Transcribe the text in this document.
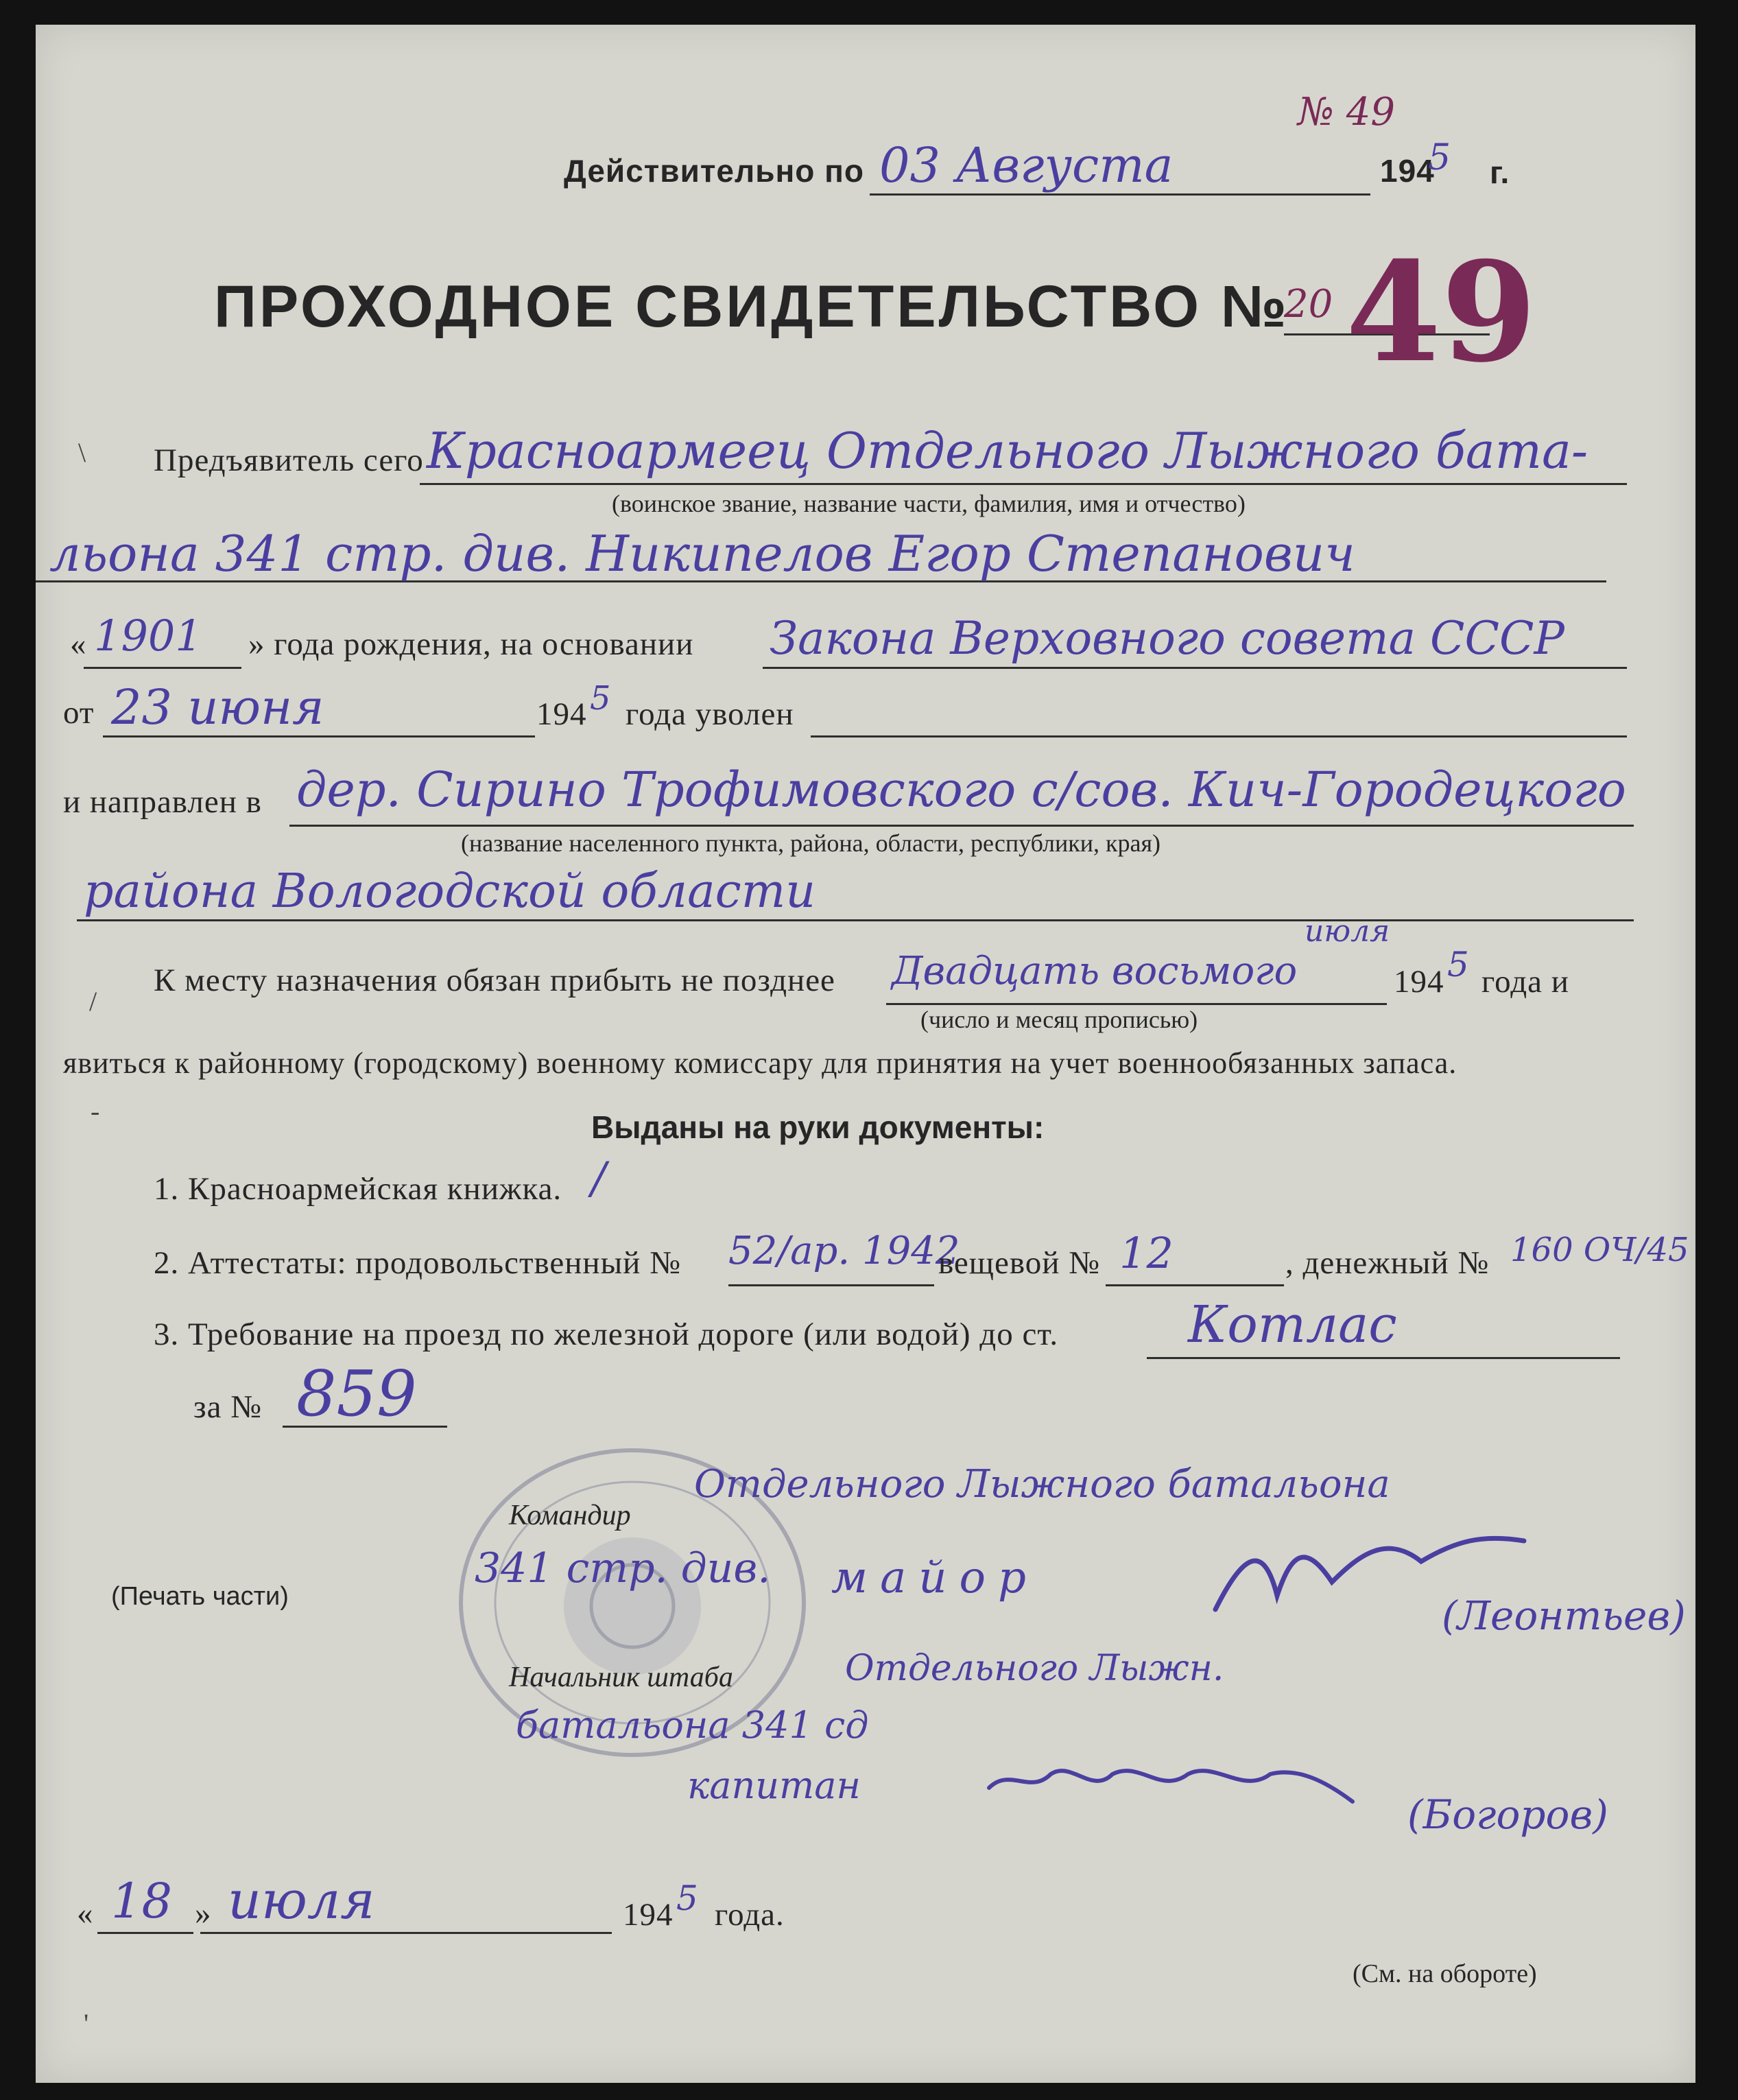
№ 49
Действительно по 03 Августа	194
5 г.
ПРОХОДНОЕ СВИДЕТЕЛЬСТВО №
20 49
Предъявитель сего Красноармеец Отдельного Лыжного бата-
(воинское звание, название части, фамилия, имя и отчество)
льона 341 стр. див. Никипелов Егор Степанович
« 1901 » года рождения, на основании Закона Верховного совета СССР
от 23 июня	194 5 года уволен
и направлен в дер. Сирино Трофимовского с/сов. Кич-Городецкого
(название населенного пункта, района, области, республики, края)
района Вологодской области
К месту назначения обязан прибыть не позднее Двадцать восьмого
июля
194 5 года и
(число и месяц прописью)
явиться к районному (городскому) военному комиссару для принятия на учет военнообязанных запаса.
Выданы на руки документы:
1. Красноармейская книжка. /
2. Аттестаты: продовольственный № 52/ар. 1942
вещевой № 12	, денежный № 160 ОЧ/45
3. Требование на проезд по железной дороге (или водой) до ст.	Котлас
за № 859
Командир
Отдельного Лыжного батальона
341 стр. див. майор
(Леонтьев)
(Печать части)
Начальник штаба	Отдельного Лыжн.
батальона 341 сд
капитан
(Богоров)
« 18 » июля	194 5 года.
(См. на обороте)
\
/
-
'
